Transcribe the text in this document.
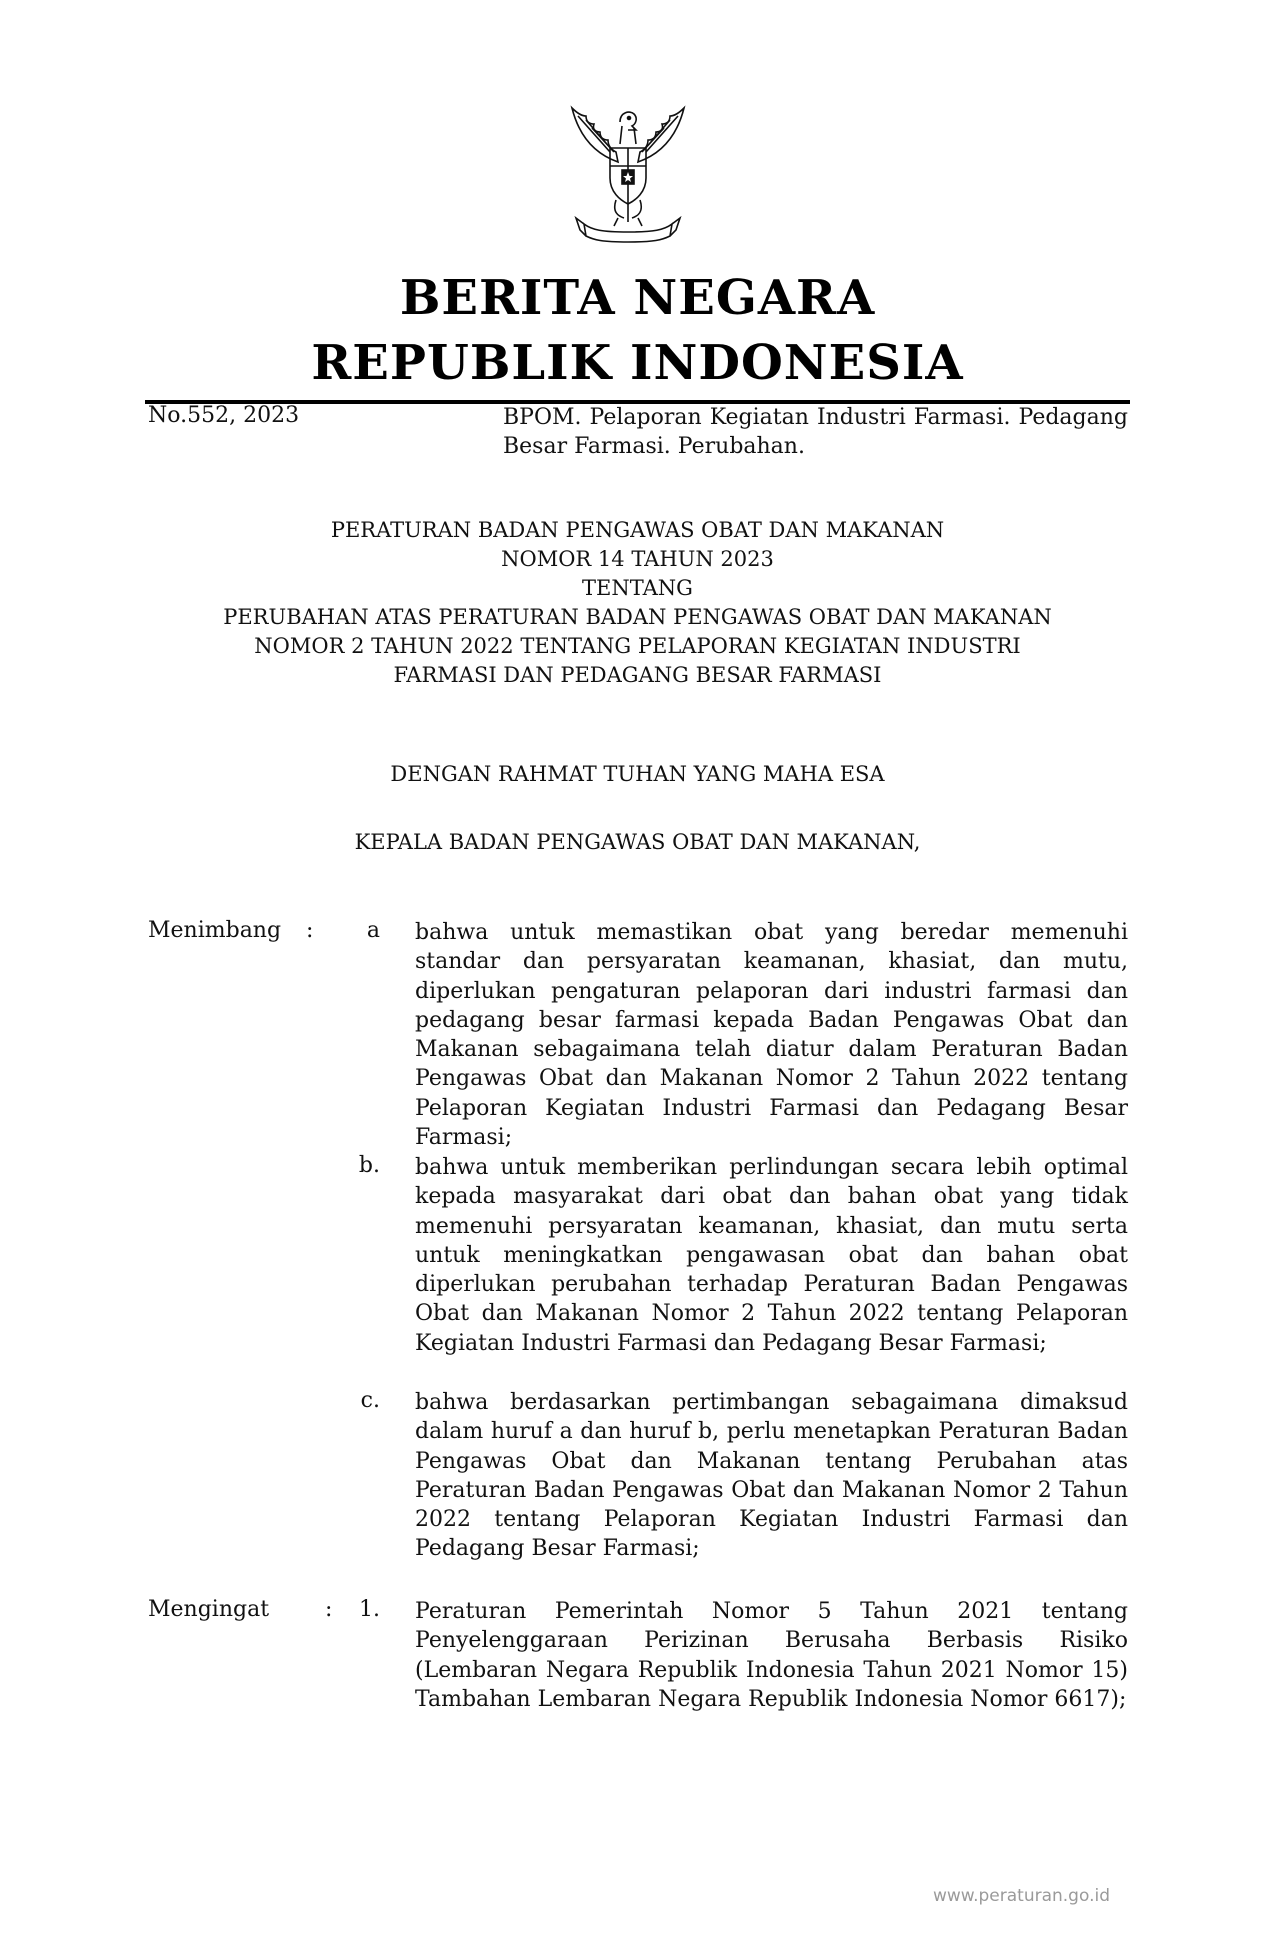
BERITA NEGARA
REPUBLIK INDONESIA
No.552, 2023	BPOM. Pelaporan Kegiatan Industri Farmasi. Pedagang Besar Farmasi. Perubahan.
PERATURAN BADAN PENGAWAS OBAT DAN MAKANAN
NOMOR 14 TAHUN 2023
TENTANG
PERUBAHAN ATAS PERATURAN BADAN PENGAWAS OBAT DAN MAKANAN
NOMOR 2 TAHUN 2022 TENTANG PELAPORAN KEGIATAN INDUSTRI
FARMASI DAN PEDAGANG BESAR FARMASI
DENGAN RAHMAT TUHAN YANG MAHA ESA
KEPALA BADAN PENGAWAS OBAT DAN MAKANAN,
Menimbang :	a bahwa untuk memastikan obat yang beredar memenuhi standar dan persyaratan keamanan, khasiat, dan mutu, diperlukan pengaturan pelaporan dari industri farmasi dan pedagang besar farmasi kepada Badan Pengawas Obat dan Makanan sebagaimana telah diatur dalam Peraturan Badan Pengawas Obat dan Makanan Nomor 2 Tahun 2022 tentang Pelaporan Kegiatan Industri Farmasi dan Pedagang Besar Farmasi;
b. bahwa untuk memberikan perlindungan secara lebih optimal kepada masyarakat dari obat dan bahan obat yang tidak memenuhi persyaratan keamanan, khasiat, dan mutu serta untuk meningkatkan pengawasan obat dan bahan obat diperlukan perubahan terhadap Peraturan Badan Pengawas Obat dan Makanan Nomor 2 Tahun 2022 tentang Pelaporan Kegiatan Industri Farmasi dan Pedagang Besar Farmasi;
c. bahwa berdasarkan pertimbangan sebagaimana dimaksud dalam huruf a dan huruf b, perlu menetapkan Peraturan Badan Pengawas Obat dan Makanan tentang Perubahan atas Peraturan Badan Pengawas Obat dan Makanan Nomor 2 Tahun 2022 tentang Pelaporan Kegiatan Industri Farmasi dan Pedagang Besar Farmasi;
Mengingat	:	1. Peraturan Pemerintah Nomor 5 Tahun 2021 tentang Penyelenggaraan Perizinan Berusaha Berbasis Risiko (Lembaran Negara Republik Indonesia Tahun 2021 Nomor 15) Tambahan Lembaran Negara Republik Indonesia Nomor 6617);
www.peraturan.go.id
